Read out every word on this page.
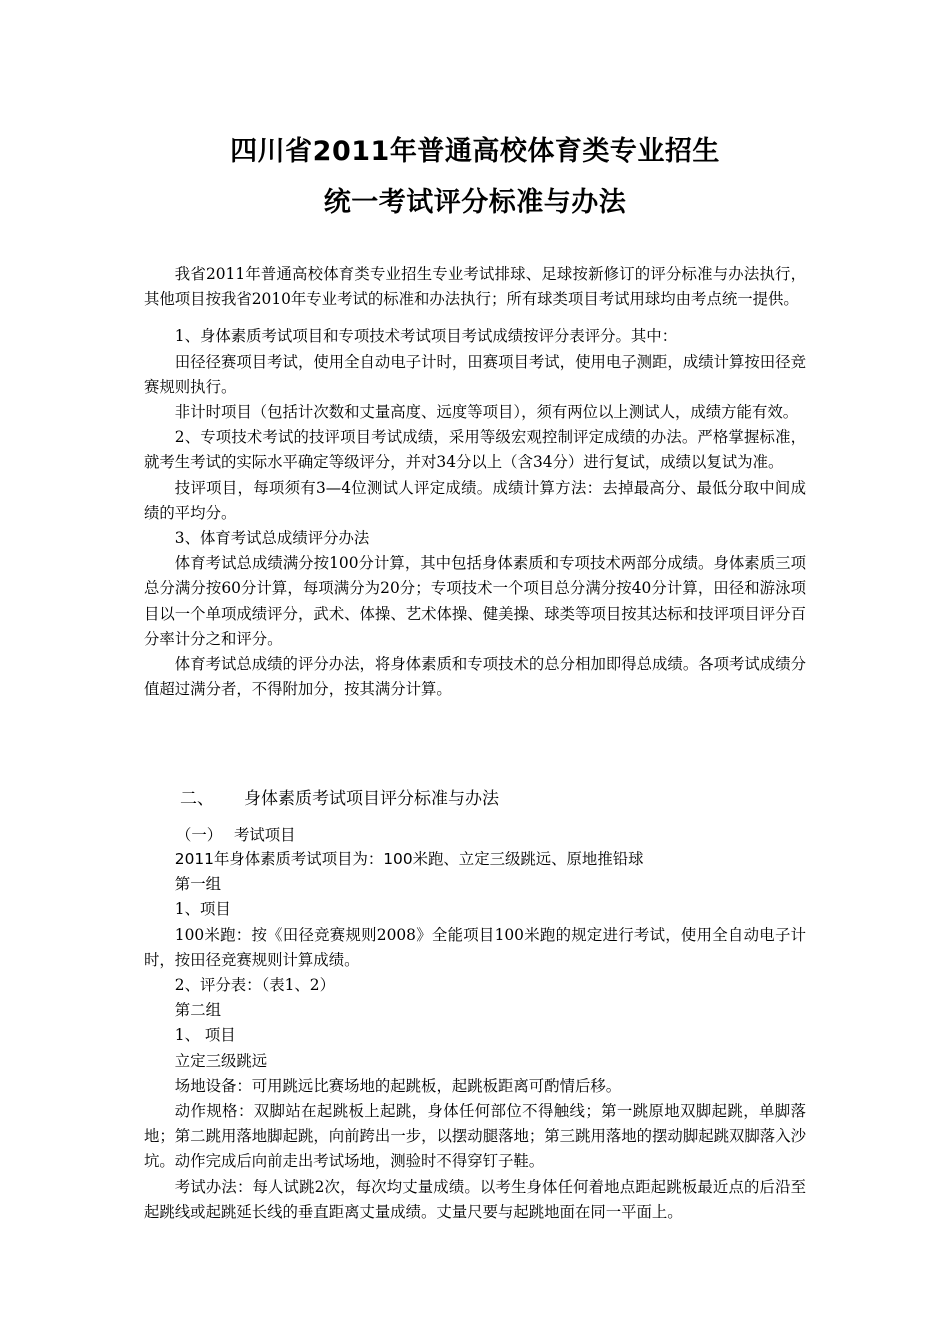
四川省2011年普通高校体育类专业招生
统一考试评分标准与办法

我省2011年普通高校体育类专业招生专业考试排球、足球按新修订的评分标准与办法执行，其他项目按我省2010年专业考试的标准和办法执行；所有球类项目考试用球均由考点统一提供。

1、身体素质考试项目和专项技术考试项目考试成绩按评分表评分。其中：

田径径赛项目考试，使用全自动电子计时，田赛项目考试，使用电子测距，成绩计算按田径竞赛规则执行。

非计时项目（包括计次数和丈量高度、远度等项目），须有两位以上测试人，成绩方能有效。

2、专项技术考试的技评项目考试成绩，采用等级宏观控制评定成绩的办法。严格掌握标准，就考生考试的实际水平确定等级评分，并对34分以上（含34分）进行复试，成绩以复试为准。

技评项目，每项须有3—4位测试人评定成绩。成绩计算方法：去掉最高分、最低分取中间成绩的平均分。

3、体育考试总成绩评分办法

体育考试总成绩满分按100分计算，其中包括身体素质和专项技术两部分成绩。身体素质三项总分满分按60分计算，每项满分为20分；专项技术一个项目总分满分按40分计算，田径和游泳项目以一个单项成绩评分，武术、体操、艺术体操、健美操、球类等项目按其达标和技评项目评分百分率计分之和评分。

体育考试总成绩的评分办法，将身体素质和专项技术的总分相加即得总成绩。各项考试成绩分值超过满分者，不得附加分，按其满分计算。

二、 身体素质考试项目评分标准与办法
（一） 考试项目

2011年身体素质考试项目为：100米跑、立定三级跳远、原地推铅球

第一组

1、项目

100米跑：按《田径竞赛规则2008》全能项目100米跑的规定进行考试，使用全自动电子计时，按田径竞赛规则计算成绩。

2、评分表：（表1、2）

第二组

1、 项目

立定三级跳远

场地设备：可用跳远比赛场地的起跳板，起跳板距离可酌情后移。

动作规格：双脚站在起跳板上起跳，身体任何部位不得触线；第一跳原地双脚起跳，单脚落地；第二跳用落地脚起跳，向前跨出一步，以摆动腿落地；第三跳用落地的摆动脚起跳双脚落入沙坑。动作完成后向前走出考试场地，测验时不得穿钉子鞋。

考试办法：每人试跳2次，每次均丈量成绩。以考生身体任何着地点距起跳板最近点的后沿至起跳线或起跳延长线的垂直距离丈量成绩。丈量尺要与起跳地面在同一平面上。
